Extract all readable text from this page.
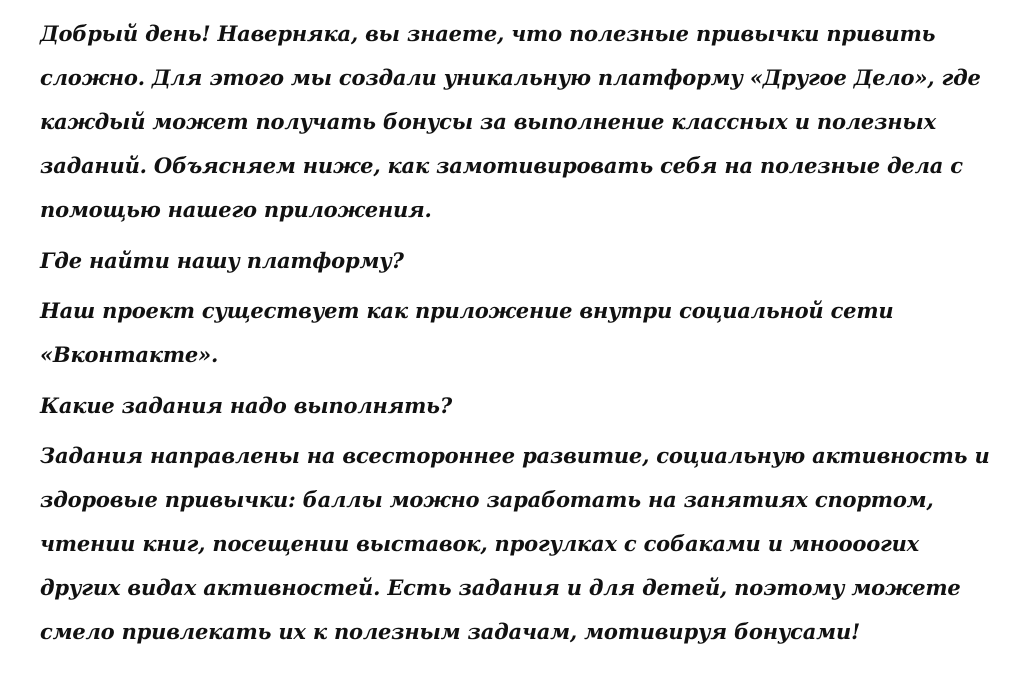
Добрый день! Наверняка, вы знаете, что полезные привычки привить сложно. Для этого мы создали уникальную платформу «Другое Дело», где каждый может получать бонусы за выполнение классных и полезных заданий. Объясняем ниже, как замотивировать себя на полезные дела с помощью нашего приложения.

Где найти нашу платформу?

Наш проект существует как приложение внутри социальной сети «Вконтакте».

Какие задания надо выполнять?

Задания направлены на всестороннее развитие, социальную активность и здоровые привычки: баллы можно заработать на занятиях спортом, чтении книг, посещении выставок, прогулках с собаками и мноооогих других видах активностей. Есть задания и для детей, поэтому можете смело привлекать их к полезным задачам, мотивируя бонусами!
